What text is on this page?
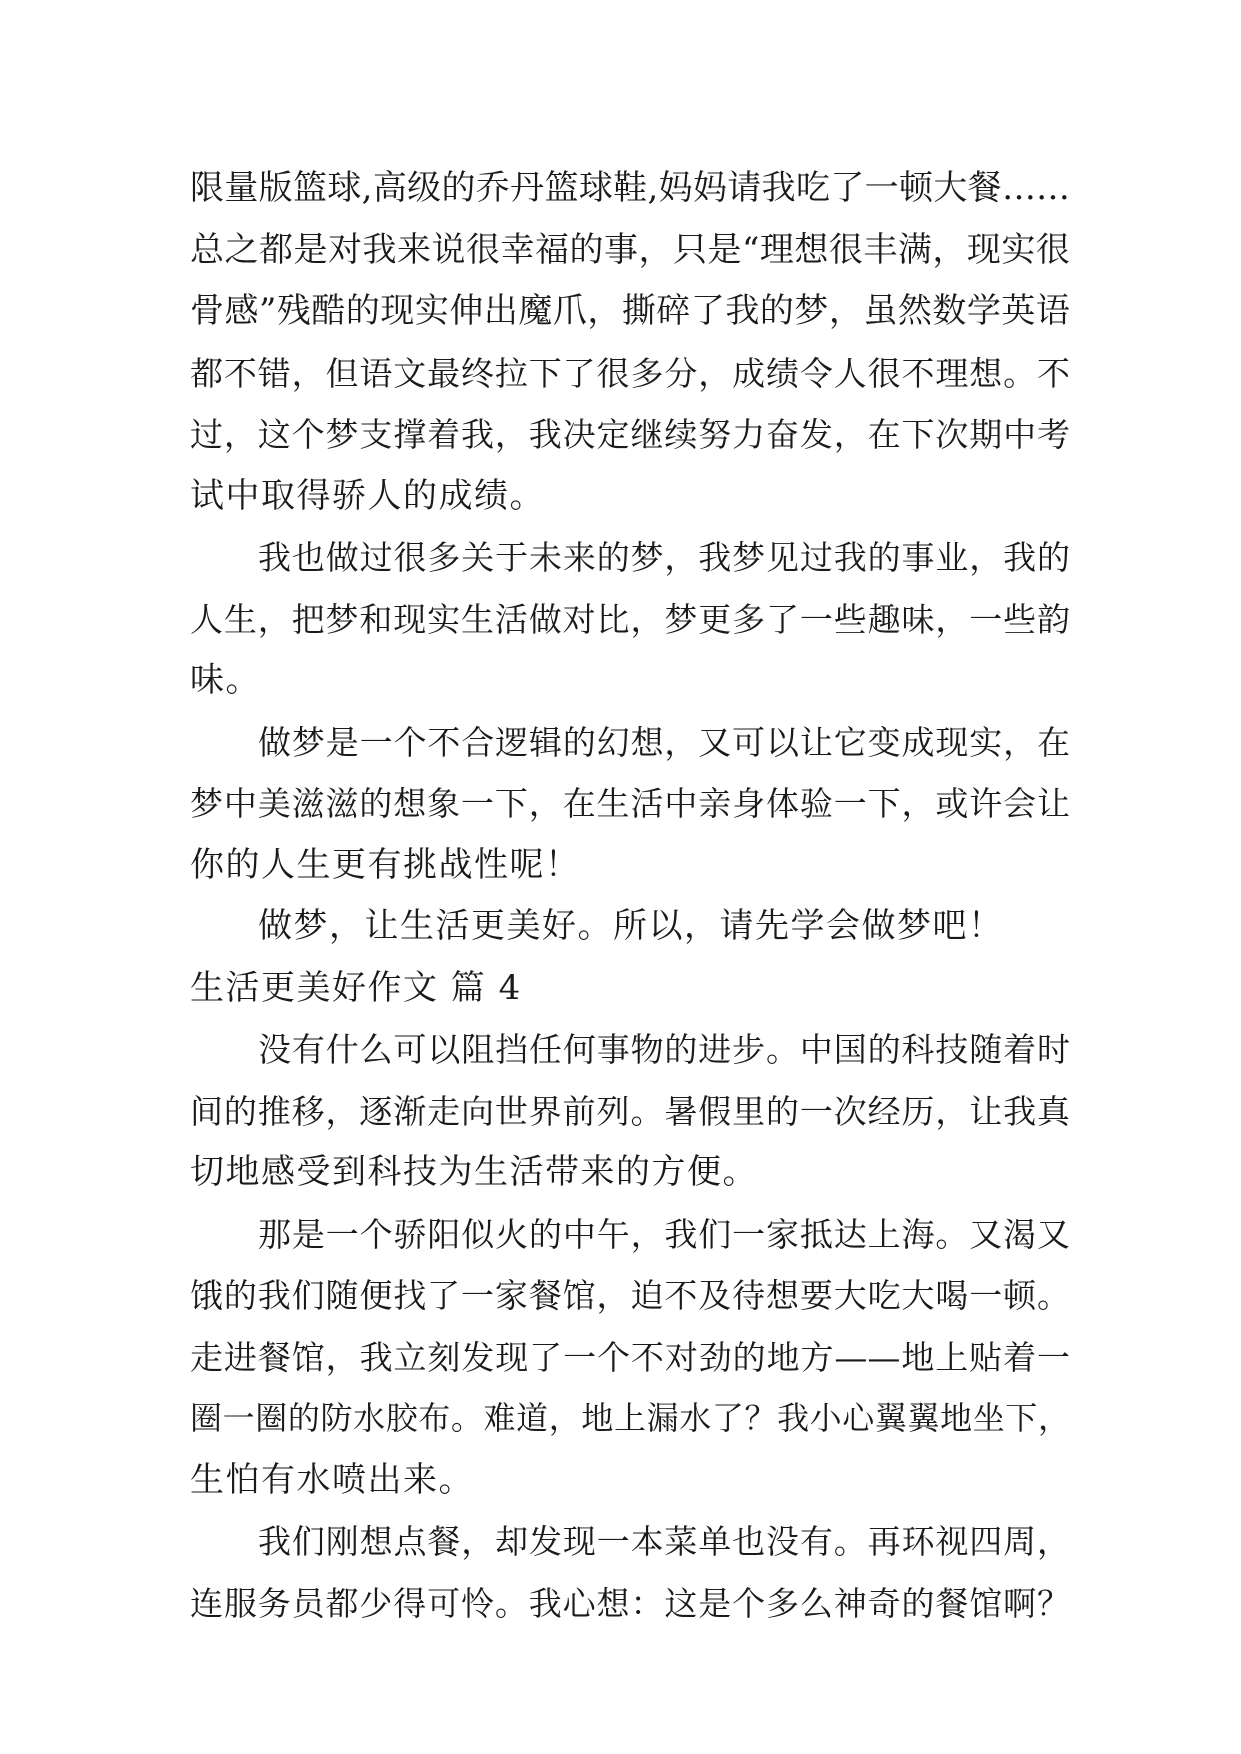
限量版篮球,高级的乔丹篮球鞋,妈妈请我吃了一顿大餐……
总之都是对我来说很幸福的事，只是“理想很丰满，现实很
骨感”残酷的现实伸出魔爪，撕碎了我的梦，虽然数学英语
都不错，但语文最终拉下了很多分，成绩令人很不理想。不
过，这个梦支撑着我，我决定继续努力奋发，在下次期中考
试中取得骄人的成绩。
我也做过很多关于未来的梦，我梦见过我的事业，我的
人生，把梦和现实生活做对比，梦更多了一些趣味，一些韵
味。
做梦是一个不合逻辑的幻想，又可以让它变成现实，在
梦中美滋滋的想象一下，在生活中亲身体验一下，或许会让
你的人生更有挑战性呢！
做梦，让生活更美好。所以，请先学会做梦吧！
生活更美好作文 篇 4
没有什么可以阻挡任何事物的进步。中国的科技随着时
间的推移，逐渐走向世界前列。暑假里的一次经历，让我真
切地感受到科技为生活带来的方便。
那是一个骄阳似火的中午，我们一家抵达上海。又渴又
饿的我们随便找了一家餐馆，迫不及待想要大吃大喝一顿。
走进餐馆，我立刻发现了一个不对劲的地方——地上贴着一
圈一圈的防水胶布。难道，地上漏水了？我小心翼翼地坐下，
生怕有水喷出来。
我们刚想点餐，却发现一本菜单也没有。再环视四周，
连服务员都少得可怜。我心想：这是个多么神奇的餐馆啊？
